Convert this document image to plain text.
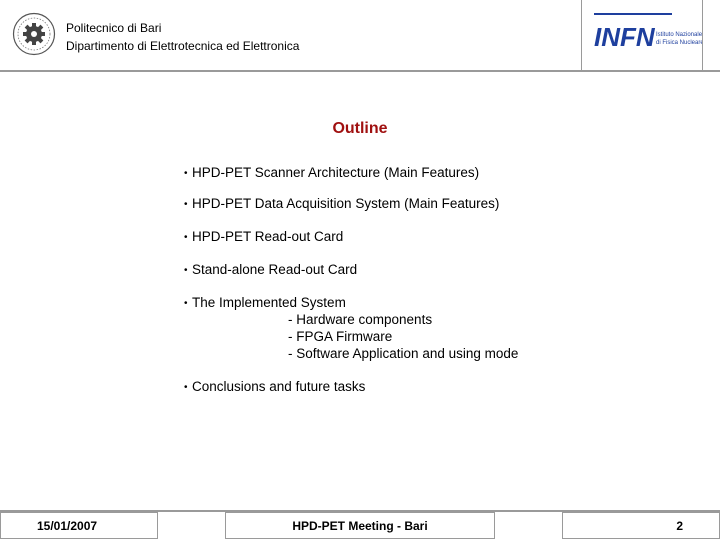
Politecnico di Bari
Dipartimento di Elettrotecnica ed Elettronica	INFN Istituto Nazionale
di Fisica Nucleare
Outline
• HPD-PET Scanner Architecture (Main Features)
• HPD-PET Data Acquisition System (Main Features)
• HPD-PET Read-out Card
• Stand-alone Read-out Card
• The Implemented System
- Hardware components
- FPGA Firmware
- Software Application and using mode
• Conclusions and future tasks
15/01/2007	HPD-PET Meeting - Bari	2
